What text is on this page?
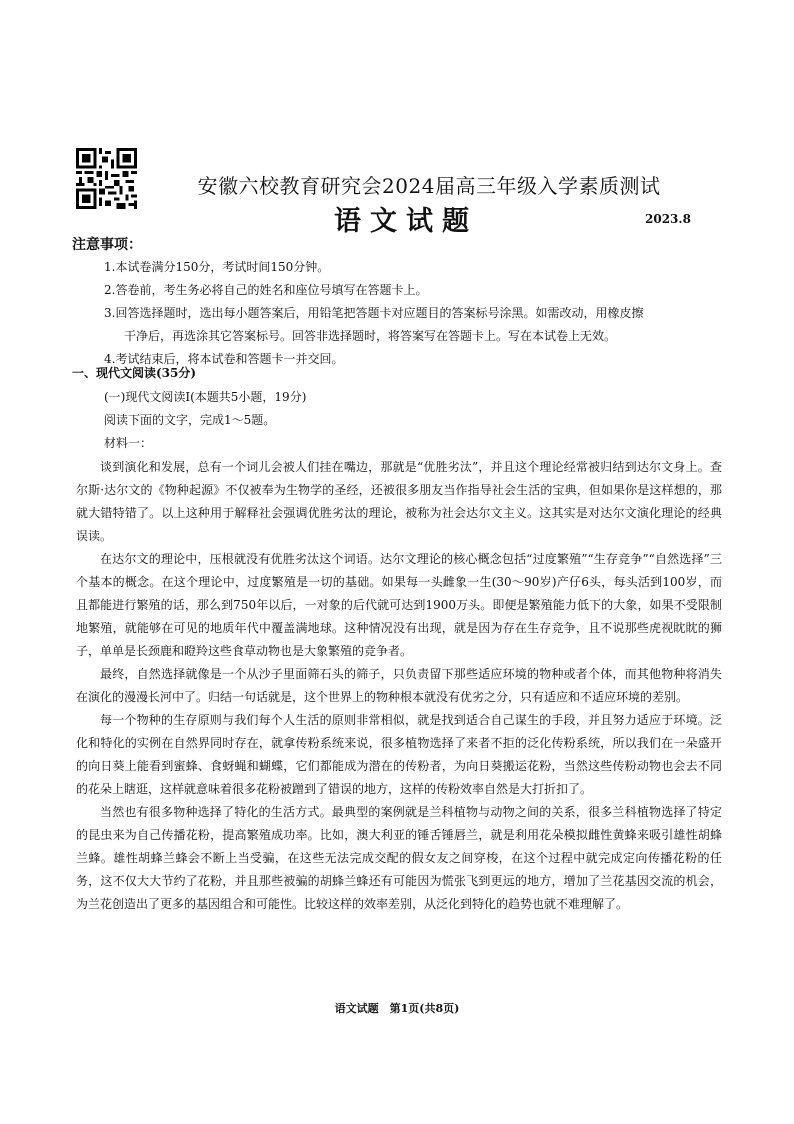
安徽六校教育研究会2024届高三年级入学素质测试
语文试题	2023.8
注意事项：
1.本试卷满分150分，考试时间150分钟。
2.答卷前，考生务必将自己的姓名和座位号填写在答题卡上。
3.回答选择题时，选出每小题答案后，用铅笔把答题卡对应题目的答案标号涂黑。如需改动，用橡皮擦
干净后，再选涂其它答案标号。回答非选择题时，将答案写在答题卡上。写在本试卷上无效。
4.考试结束后，将本试卷和答题卡一并交回。
一、现代文阅读(35分)
(一)现代文阅读Ⅰ(本题共5小题，19分)
阅读下面的文字，完成1～5题。
材料一：

谈到演化和发展，总有一个词儿会被人们挂在嘴边，那就是“优胜劣汰”，并且这个理论经常被归结到达尔文身上。查尔斯·达尔文的《物种起源》不仅被奉为生物学的圣经，还被很多朋友当作指导社会生活的宝典，但如果你是这样想的，那就大错特错了。以上这种用于解释社会强调优胜劣汰的理论，被称为社会达尔文主义。这其实是对达尔文演化理论的经典误读。

在达尔文的理论中，压根就没有优胜劣汰这个词语。达尔文理论的核心概念包括“过度繁殖”“生存竞争”“自然选择”三个基本的概念。在这个理论中，过度繁殖是一切的基础。如果每一头雌象一生(30～90岁)产仔6头，每头活到100岁，而且都能进行繁殖的话，那么到750年以后，一对象的后代就可达到1900万头。即便是繁殖能力低下的大象，如果不受限制地繁殖，就能够在可见的地质年代中覆盖满地球。这种情况没有出现，就是因为存在生存竞争，且不说那些虎视眈眈的狮子，单单是长颈鹿和瞪羚这些食草动物也是大象繁殖的竞争者。

最终，自然选择就像是一个从沙子里面筛石头的筛子，只负责留下那些适应环境的物种或者个体，而其他物种将消失在演化的漫漫长河中了。归结一句话就是，这个世界上的物种根本就没有优劣之分，只有适应和不适应环境的差别。

每一个物种的生存原则与我们每个人生活的原则非常相似，就是找到适合自己谋生的手段，并且努力适应于环境。泛化和特化的实例在自然界同时存在，就拿传粉系统来说，很多植物选择了来者不拒的泛化传粉系统，所以我们在一朵盛开的向日葵上能看到蜜蜂、食蚜蝇和蝴蝶，它们都能成为潜在的传粉者，为向日葵搬运花粉，当然这些传粉动物也会去不同的花朵上瞎逛，这样就意味着很多花粉被蹭到了错误的地方，这样的传粉效率自然是大打折扣了。

当然也有很多物种选择了特化的生活方式。最典型的案例就是兰科植物与动物之间的关系，很多兰科植物选择了特定的昆虫来为自己传播花粉，提高繁殖成功率。比如，澳大利亚的锤舌锤唇兰，就是利用花朵模拟雌性黄蜂来吸引雄性胡蜂兰蜂。雄性胡蜂兰蜂会不断上当受骗，在这些无法完成交配的假女友之间穿梭，在这个过程中就完成定向传播花粉的任务，这不仅大大节约了花粉，并且那些被骗的胡蜂兰蜂还有可能因为慌张飞到更远的地方，增加了兰花基因交流的机会，为兰花创造出了更多的基因组合和可能性。比较这样的效率差别，从泛化到特化的趋势也就不难理解了。

语文试题　第1页(共8页)
